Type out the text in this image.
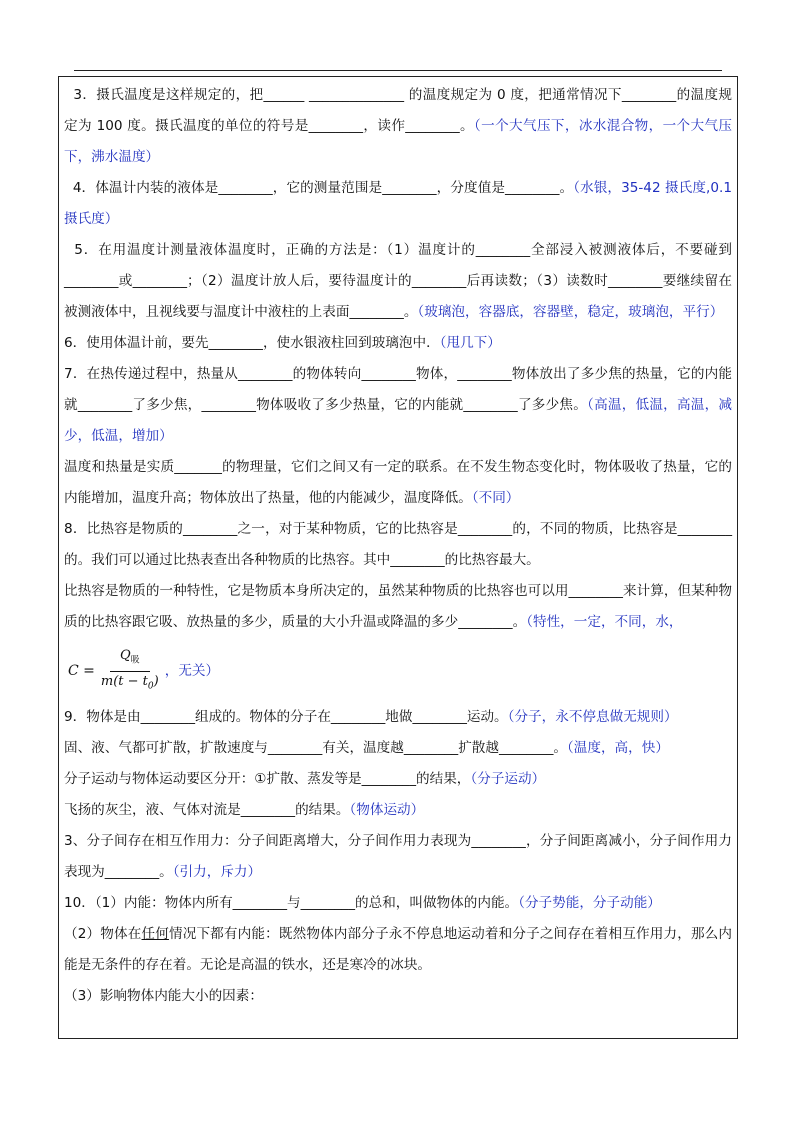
3．摄氏温度是这样规定的，把______ ______________ 的温度规定为 0 度，把通常情况下________的温度规定为 100 度。摄氏温度的单位的符号是________，读作________。（一个大气压下，冰水混合物，一个大气压下，沸水温度）

4．体温计内装的液体是________，它的测量范围是________，分度值是________。（水银，35-42 摄氏度,0.1 摄氏度）

5．在用温度计测量液体温度时，正确的方法是：（1）温度计的________全部浸入被测液体后，不要碰到________或________；（2）温度计放人后，要待温度计的________后再读数；（3）读数时________要继续留在被测液体中，且视线要与温度计中液柱的上表面________。（玻璃泡，容器底，容器壁，稳定，玻璃泡，平行）

6．使用体温计前，要先________，使水银液柱回到玻璃泡中．（甩几下）

7．在热传递过程中，热量从________的物体转向________物体，________物体放出了多少焦的热量，它的内能就________了多少焦，________物体吸收了多少热量，它的内能就________了多少焦。（高温，低温，高温，减少，低温，增加）

温度和热量是实质_______的物理量，它们之间又有一定的联系。在不发生物态变化时，物体吸收了热量，它的内能增加，温度升高；物体放出了热量，他的内能减少，温度降低。（不同）

8．比热容是物质的________之一，对于某种物质，它的比热容是________的，不同的物质，比热容是________的。我们可以通过比热表查出各种物质的比热容。其中________的比热容最大。

比热容是物质的一种特性，它是物质本身所决定的，虽然某种物质的比热容也可以用________来计算，但某种物质的比热容跟它吸、放热量的多少，质量的大小升温或降温的多少________。（特性，一定，不同，水，

$C = \frac{Q_吸}{m(t - t_0)}$ ，无关）

9．物体是由________组成的。物体的分子在________地做________运动。（分子，永不停息做无规则）

固、液、气都可扩散，扩散速度与________有关，温度越________扩散越________。（温度，高，快）

分子运动与物体运动要区分开：①扩散、蒸发等是________的结果，（分子运动）

飞扬的灰尘，液、气体对流是________的结果。（物体运动）

3、分子间存在相互作用力：分子间距离增大，分子间作用力表现为________，分子间距离减小，分子间作用力表现为________。（引力，斥力）

10．（1）内能：物体内所有________与________的总和，叫做物体的内能。（分子势能，分子动能）

（2）物体在任何情况下都有内能：既然物体内部分子永不停息地运动着和分子之间存在着相互作用力，那么内能是无条件的存在着。无论是高温的铁水，还是寒冷的冰块。

（3）影响物体内能大小的因素：
